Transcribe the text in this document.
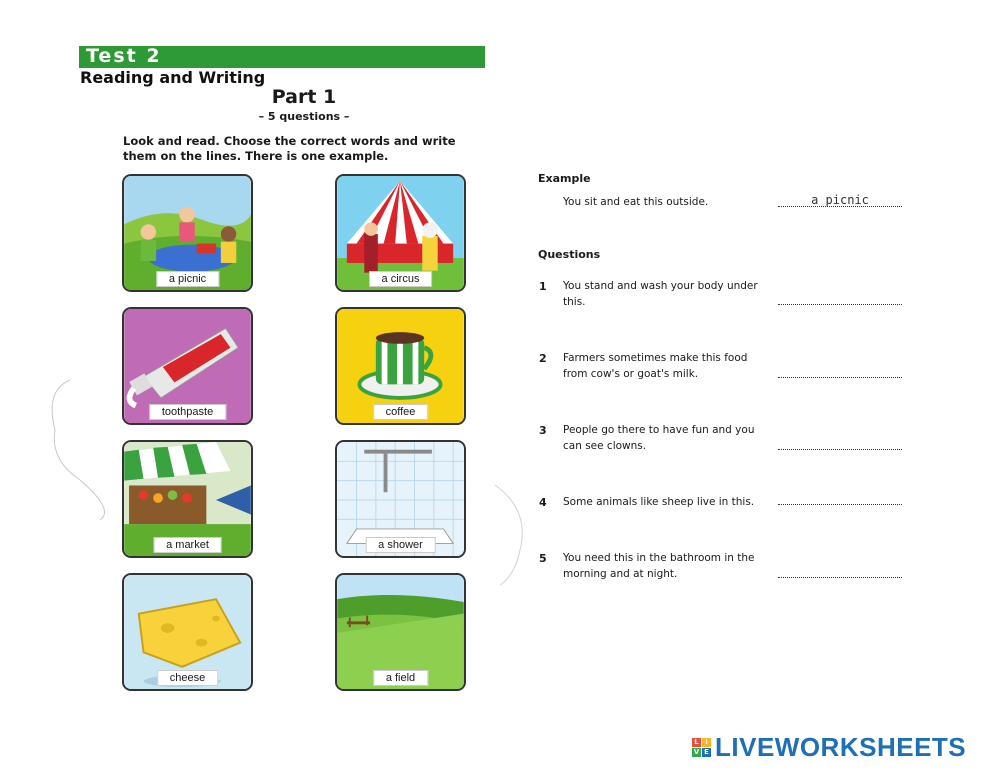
Test 2
Reading and Writing
Part 1
– 5 questions –
Look and read. Choose the correct words and write them on the lines. There is one example.
a picnic	a circus
toothpaste	coffee
a market	a shower
cheese	a field
Example
You sit and eat this outside.	a picnic
Questions
1 You stand and wash your body under this.
2 Farmers sometimes make this food from cow's or goat's milk.
3 People go there to have fun and you can see clowns.
4 Some animals like sheep live in this.
5 You need this in the bathroom in the morning and at night.
L I
V E LIVEWORKSHEETS
